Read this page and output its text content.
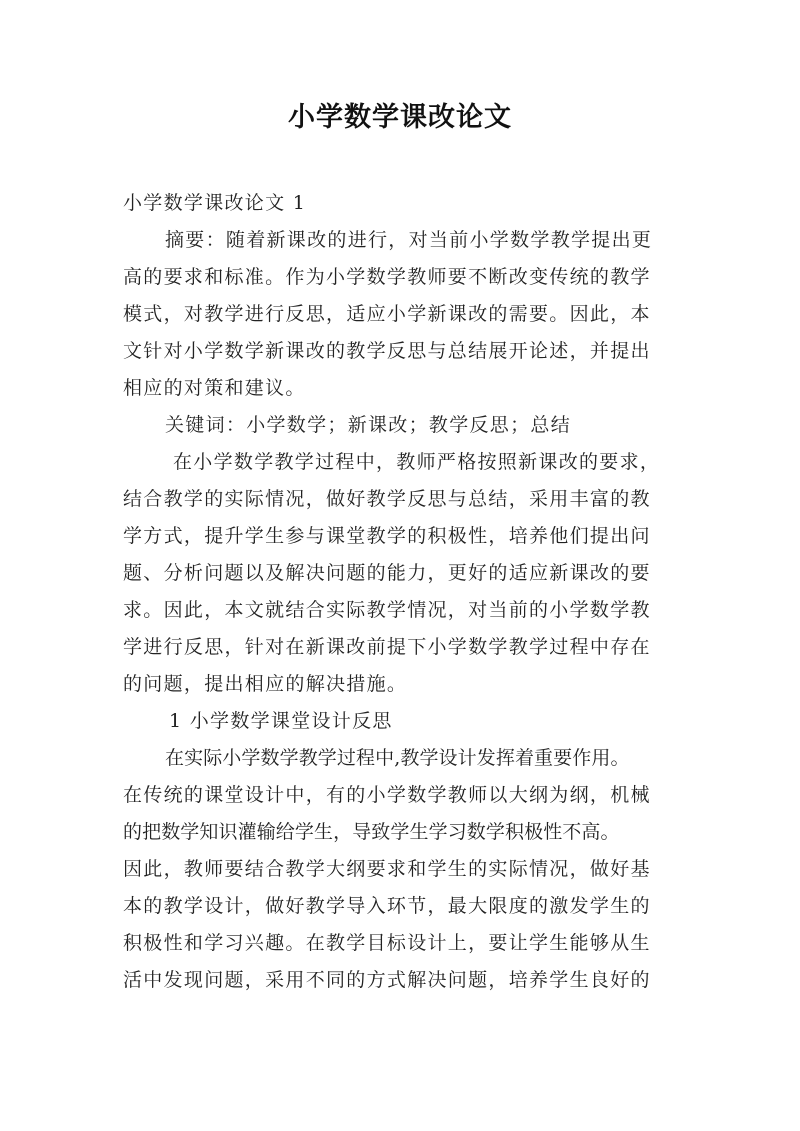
小学数学课改论文
小学数学课改论文 1
摘要：随着新课改的进行，对当前小学数学教学提出更
高的要求和标准。作为小学数学教师要不断改变传统的教学
模式，对教学进行反思，适应小学新课改的需要。因此，本
文针对小学数学新课改的教学反思与总结展开论述，并提出
相应的对策和建议。
关键词：小学数学；新课改；教学反思；总结
在小学数学教学过程中，教师严格按照新课改的要求，
结合教学的实际情况，做好教学反思与总结，采用丰富的教
学方式，提升学生参与课堂教学的积极性，培养他们提出问
题、分析问题以及解决问题的能力，更好的适应新课改的要
求。因此，本文就结合实际教学情况，对当前的小学数学教
学进行反思，针对在新课改前提下小学数学教学过程中存在
的问题，提出相应的解决措施。
1 小学数学课堂设计反思
在实际小学数学教学过程中,教学设计发挥着重要作用。
在传统的课堂设计中，有的小学数学教师以大纲为纲，机械
的把数学知识灌输给学生，导致学生学习数学积极性不高。
因此，教师要结合教学大纲要求和学生的实际情况，做好基
本的教学设计，做好教学导入环节，最大限度的激发学生的
积极性和学习兴趣。在教学目标设计上，要让学生能够从生
活中发现问题，采用不同的方式解决问题，培养学生良好的
